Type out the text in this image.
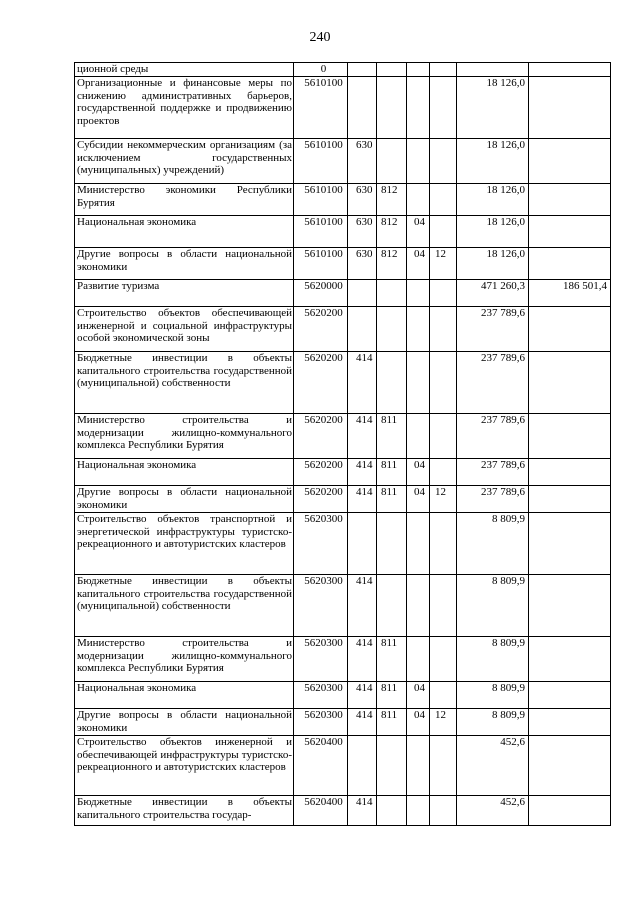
240
ционной среды	0						
Организационные и финансовые меры по снижению административных барьеров, государственной поддержке и продвижению проектов	5610100					18 126,0	
Субсидии некоммерческим организациям (за исключением государственных (муниципальных) учреждений)	5610100	630				18 126,0	
Министерство экономики Республики Бурятия	5610100	630	812			18 126,0	
Национальная экономика	5610100	630	812	04		18 126,0	
Другие вопросы в области национальной экономики	5610100	630	812	04	12	18 126,0	
Развитие туризма	5620000					471 260,3	186 501,4
Строительство объектов обеспечивающей инженерной и социальной инфраструктуры особой экономической зоны	5620200					237 789,6	
Бюджетные инвестиции в объекты капитального строительства государственной (муниципальной) собственности	5620200	414				237 789,6	
Министерство строительства и модернизации жилищно-коммунального комплекса Республики Бурятия	5620200	414	811			237 789,6	
Национальная экономика	5620200	414	811	04		237 789,6	
Другие вопросы в области национальной экономики	5620200	414	811	04	12	237 789,6	
Строительство объектов транспортной и энергетической инфраструктуры туристско-рекреационного и автотуристских кластеров	5620300					8 809,9	
Бюджетные инвестиции в объекты капитального строительства государственной (муниципальной) собственности	5620300	414				8 809,9	
Министерство строительства и модернизации жилищно-коммунального комплекса Республики Бурятия	5620300	414	811			8 809,9	
Национальная экономика	5620300	414	811	04		8 809,9	
Другие вопросы в области национальной экономики	5620300	414	811	04	12	8 809,9	
Строительство объектов инженерной и обеспечивающей инфраструктуры туристско-рекреационного и автотуристских кластеров	5620400					452,6	
Бюджетные инвестиции в объекты капитального строительства государ-	5620400	414				452,6	
